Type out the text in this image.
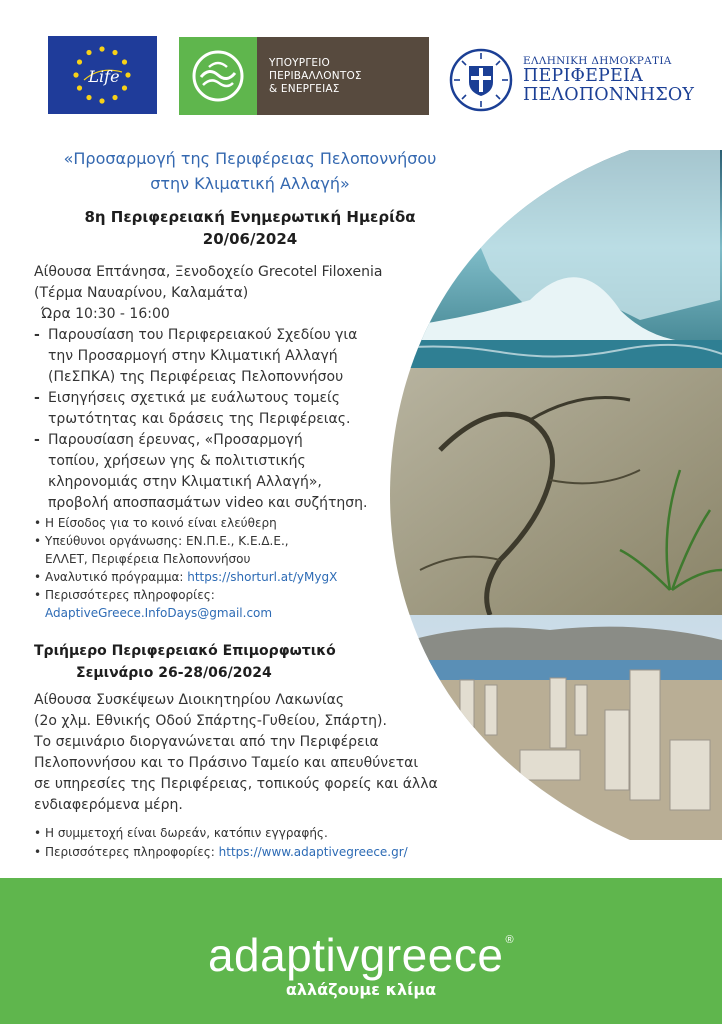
Life
ΥΠΟΥΡΓΕΙΟ
ΠΕΡΙΒΑΛΛΟΝΤΟΣ
& ΕΝΕΡΓΕΙΑΣ
ΕΛΛΗΝΙΚΗ ΔΗΜΟΚΡΑΤΙΑ
ΠΕΡΙΦΕΡΕΙΑ
ΠΕΛΟΠΟΝΝΗΣΟΥ
«Προσαρμογή της Περιφέρειας Πελοποννήσου
στην Κλιματική Αλλαγή»
8η Περιφερειακή Ενημερωτική Ημερίδα
20/06/2024
Αίθουσα Επτάνησα, Ξενοδοχείο Grecotel Filoxenia
(Τέρμα Ναυαρίνου, Καλαμάτα)
Ώρα 10:30 - 16:00
- Παρουσίαση του Περιφερειακού Σχεδίου για
την Προσαρμογή στην Κλιματική Αλλαγή
(ΠεΣΠΚΑ) της Περιφέρειας Πελοποννήσου
- Εισηγήσεις σχετικά με ευάλωτους τομείς
τρωτότητας και δράσεις της Περιφέρειας.
- Παρουσίαση έρευνας, «Προσαρμογή
τοπίου, χρήσεων γης & πολιτιστικής
κληρονομιάς στην Κλιματική Αλλαγή»,
προβολή αποσπασμάτων video και συζήτηση.
• Η Είσοδος για το κοινό είναι ελεύθερη
• Υπεύθυνοι οργάνωσης: ΕΝ.Π.Ε., Κ.Ε.Δ.Ε.,
ΕΛΛΕΤ, Περιφέρεια Πελοποννήσου
• Αναλυτικό πρόγραμμα: https://shorturl.at/yMygX
• Περισσότερες πληροφορίες:
AdaptiveGreece.InfoDays@gmail.com
Τριήμερο Περιφερειακό Επιμορφωτικό
Σεμινάριο 26-28/06/2024
Αίθουσα Συσκέψεων Διοικητηρίου Λακωνίας
(2ο χλμ. Εθνικής Οδού Σπάρτης-Γυθείου, Σπάρτη).
Το σεμινάριο διοργανώνεται από την Περιφέρεια
Πελοποννήσου και το Πράσινο Ταμείο και απευθύνεται
σε υπηρεσίες της Περιφέρειας, τοπικούς φορείς και άλλα
ενδιαφερόμενα μέρη.
• Η συμμετοχή είναι δωρεάν, κατόπιν εγγραφής.
• Περισσότερες πληροφορίες: https://www.adaptivegreece.gr/
adaptivgreece ®
αλλάζουμε κλίμα
